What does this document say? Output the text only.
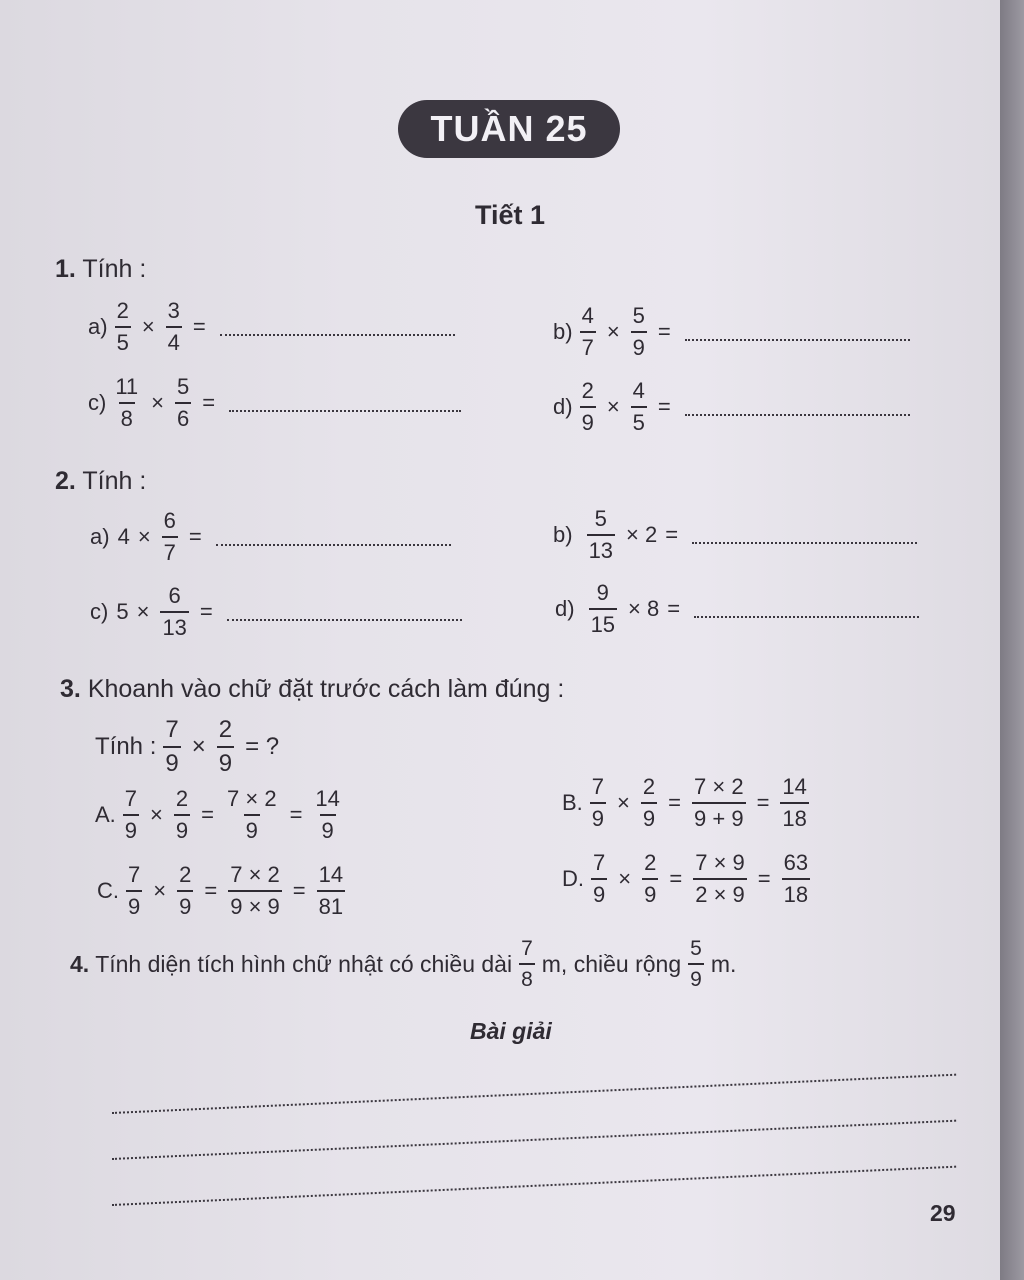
TUẦN 25
Tiết 1
1. Tính :
$a) \frac{2}{5} \times \frac{3}{4}$ =	$b) \frac{4}{7} \times \frac{5}{9}$ =
$c) \frac{11}{8} \times \frac{5}{6}$ =	$d) \frac{2}{9} \times \frac{4}{5}$ =
2. Tính :
a) $4 \times \frac{6}{7}$ =	$b) \frac{5}{13} \times 2$ =
c) $5 \times \frac{6}{13}$ =	$d) \frac{9}{15} \times 8$ =
3. Khoanh vào chữ đặt trước cách làm đúng :
Tính : $\frac{7}{9} \times \frac{2}{9}$ = ?
A. $\frac{7}{9} \times \frac{2}{9} = \frac{7 \times 2}{9} = \frac{14}{9}$	B. $\frac{7}{9} \times \frac{2}{9} = \frac{7 \times 2}{9 + 9} = \frac{14}{18}$
C. $\frac{7}{9} \times \frac{2}{9} = \frac{7 \times 2}{9 \times 9} = \frac{14}{81}$	D. $\frac{7}{9} \times \frac{2}{9} = \frac{7 \times 9}{2 \times 9} = \frac{63}{18}$
4. Tính diện tích hình chữ nhật có chiều dài $\frac{7}{8} m$, chiều rộng $\frac{5}{9} m$.
Bài giải
29
